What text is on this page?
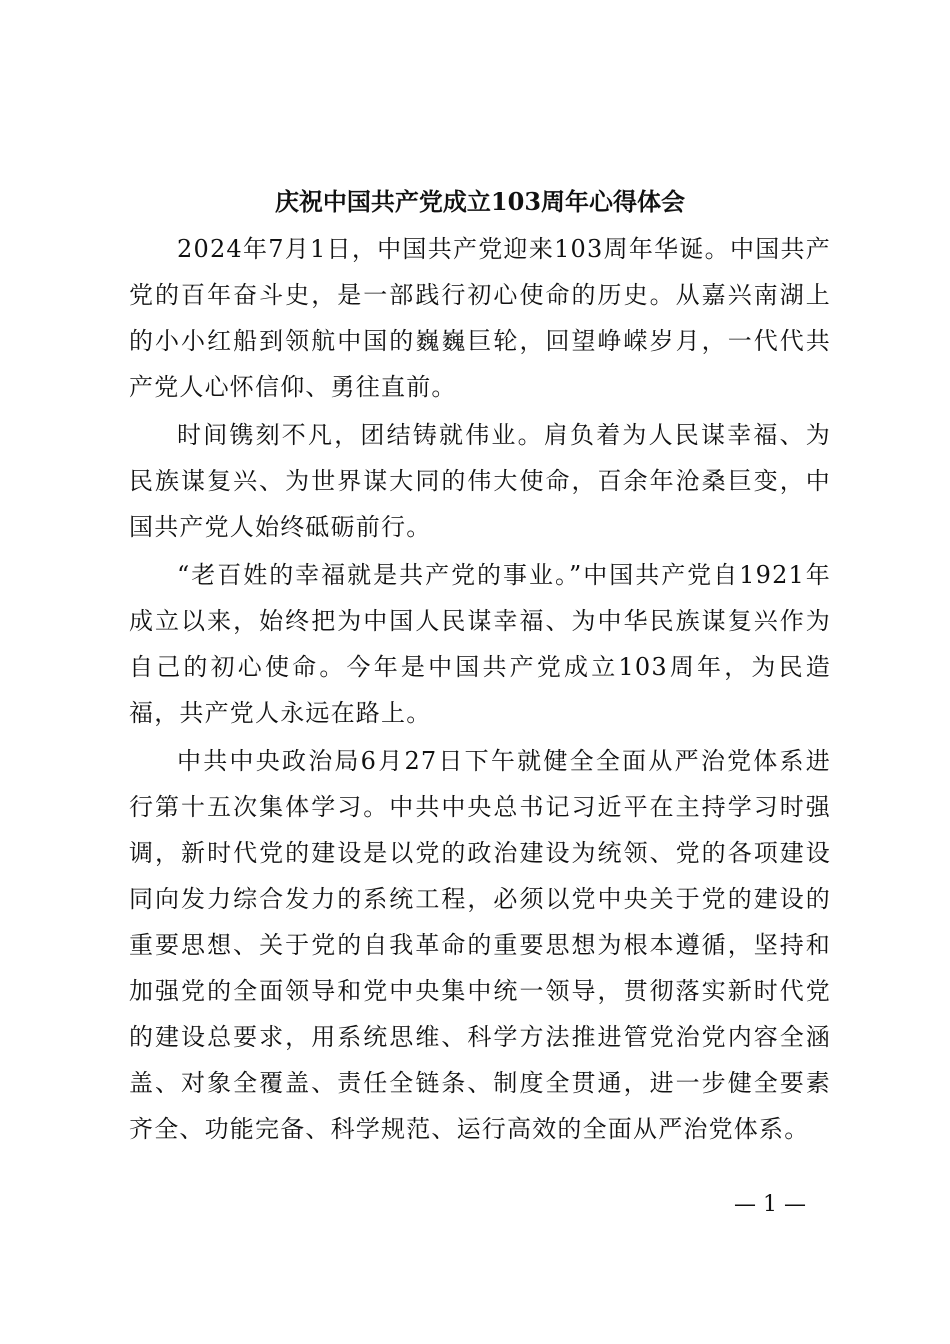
庆祝中国共产党成立103周年心得体会

2024年7月1日，中国共产党迎来103周年华诞。中国共产党的百年奋斗史，是一部践行初心使命的历史。从嘉兴南湖上的小小红船到领航中国的巍巍巨轮，回望峥嵘岁月，一代代共产党人心怀信仰、勇往直前。

时间镌刻不凡，团结铸就伟业。肩负着为人民谋幸福、为民族谋复兴、为世界谋大同的伟大使命，百余年沧桑巨变，中国共产党人始终砥砺前行。

“老百姓的幸福就是共产党的事业。”中国共产党自1921年成立以来，始终把为中国人民谋幸福、为中华民族谋复兴作为自己的初心使命。今年是中国共产党成立103周年，为民造福，共产党人永远在路上。

中共中央政治局6月27日下午就健全全面从严治党体系进行第十五次集体学习。中共中央总书记习近平在主持学习时强调，新时代党的建设是以党的政治建设为统领、党的各项建设同向发力综合发力的系统工程，必须以党中央关于党的建设的重要思想、关于党的自我革命的重要思想为根本遵循，坚持和加强党的全面领导和党中央集中统一领导，贯彻落实新时代党的建设总要求，用系统思维、科学方法推进管党治党内容全涵盖、对象全覆盖、责任全链条、制度全贯通，进一步健全要素齐全、功能完备、科学规范、运行高效的全面从严治党体系。

— 1 —
